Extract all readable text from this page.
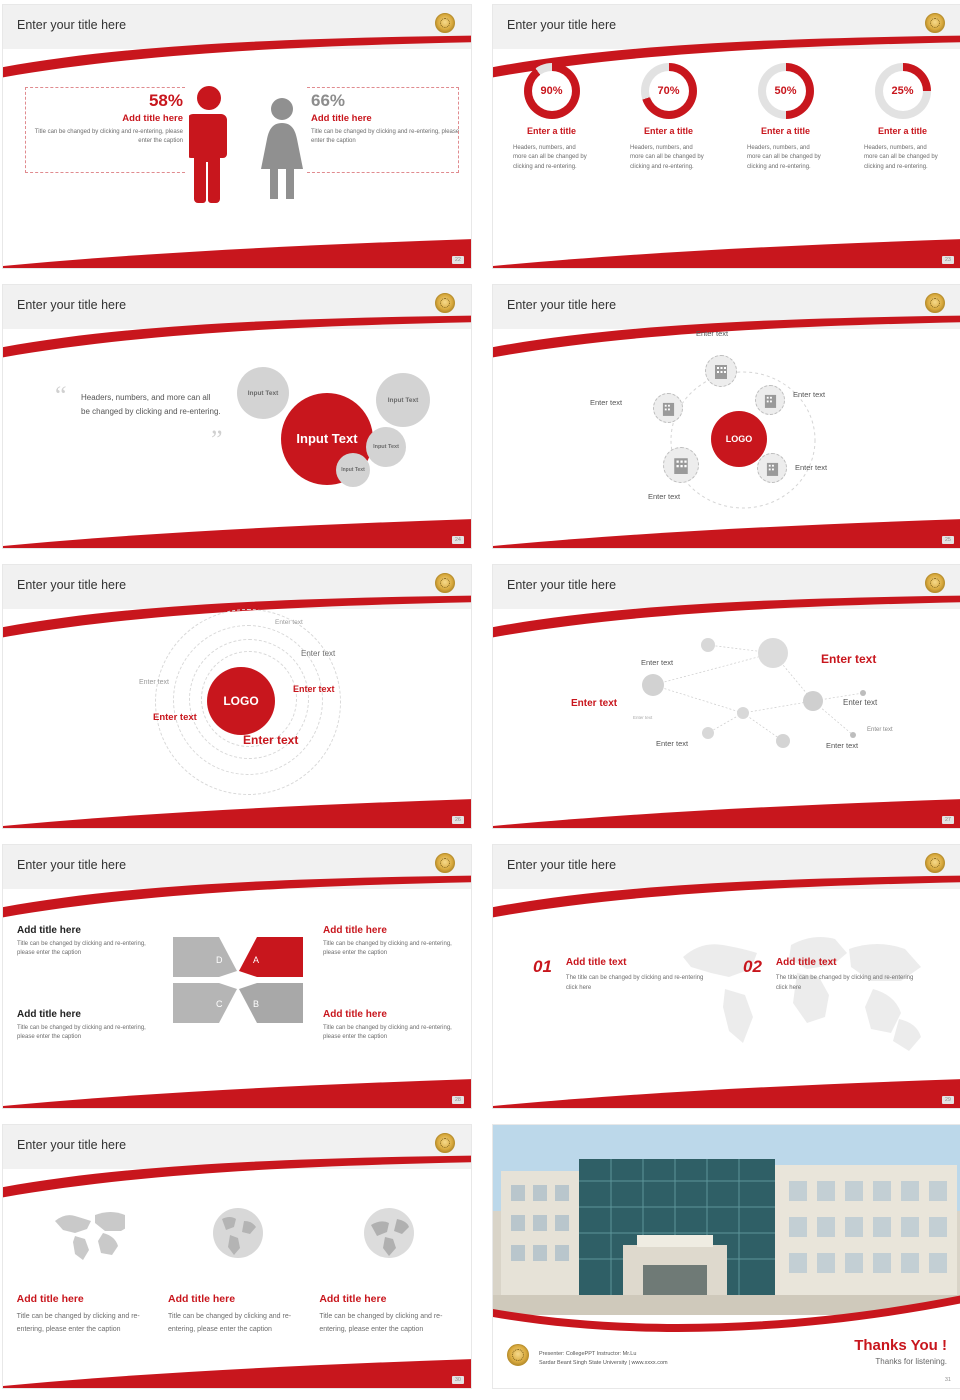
Enter your title here
58%
Add title here
Title can be changed by clicking and re-entering, please enter the caption
66%
Add title here
Title can be changed by clicking and re-entering, please enter the caption
22
Enter your title here
90%
Enter a title
Headers, numbers, and more can all be changed by clicking and re-entering.
70%
Enter a title
Headers, numbers, and more can all be changed by clicking and re-entering.
50%
Enter a title
Headers, numbers, and more can all be changed by clicking and re-entering.
25%
Enter a title
Headers, numbers, and more can all be changed by clicking and re-entering.
23
Enter your title here
“
”
Headers, numbers, and more can all be changed by clicking and re-entering.
Input Text
Input Text
Input Text
Input Text
Input Text
24
Enter your title here
LOGO
Enter text
Enter text
Enter text
Enter text
Enter text
25
Enter your title here
LOGO
Enter text
Enter text
Enter text
Enter text
Enter text
Enter text
26
Enter your title here
Enter text
Enter text	Enter text
Enter text
Enter text
Enter text
Enter text	Enter text
27
Enter your title here
D	A
C	B
Add title here
Title can be changed by clicking and re-entering, please enter the caption
Add title here
Title can be changed by clicking and re-entering, please enter the caption
Add title here
Title can be changed by clicking and re-entering, please enter the caption
Add title here
Title can be changed by clicking and re-entering, please enter the caption
28
Enter your title here
01 Add title text
The title can be changed by clicking and re-entering click here
02 Add title text
The title can be changed by clicking and re-entering click here
29
Enter your title here
Add title here
Title can be changed by clicking and re-entering, please enter the caption
Add title here
Title can be changed by clicking and re-entering, please enter the caption
Add title here
Title can be changed by clicking and re-entering, please enter the caption
30
Presenter: CollegePPT Instructor: Mr.Lu
Sardar Beant Singh State University | www.xxxx.com
Thanks You !
Thanks for listening.
31
